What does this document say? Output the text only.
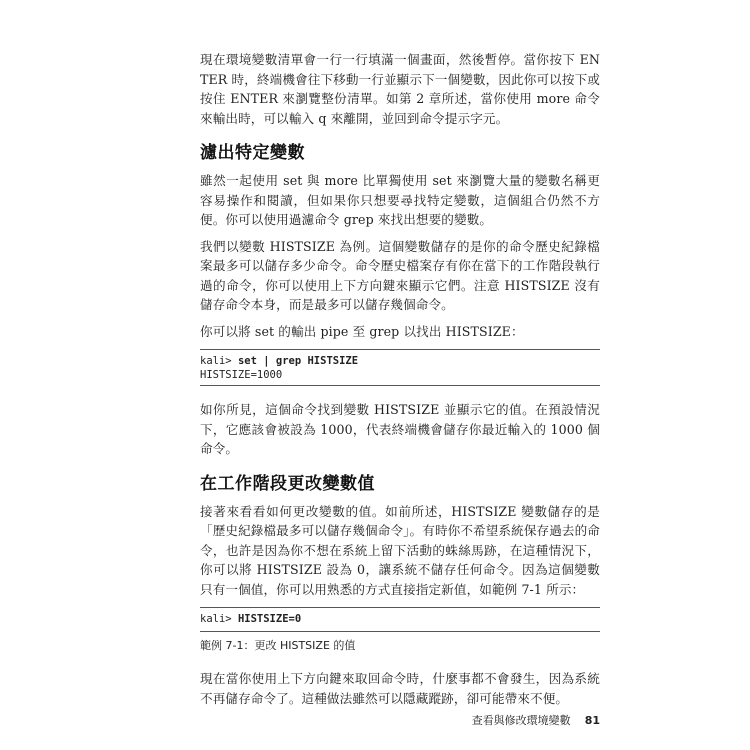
現在環境變數清單會一行一行填滿一個畫面，然後暫停。當你按下 ENTER 時，終端機會往下移動一行並顯示下一個變數，因此你可以按下或按住 ENTER 來瀏覽整份清單。如第 2 章所述，當你使用 more 命令來輸出時，可以輸入 q 來離開，並回到命令提示字元。

濾出特定變數

雖然一起使用 set 與 more 比單獨使用 set 來瀏覽大量的變數名稱更容易操作和閱讀，但如果你只想要尋找特定變數，這個組合仍然不方便。你可以使用過濾命令 grep 來找出想要的變數。

我們以變數 HISTSIZE 為例。這個變數儲存的是你的命令歷史紀錄檔案最多可以儲存多少命令。命令歷史檔案存有你在當下的工作階段執行過的命令，你可以使用上下方向鍵來顯示它們。注意 HISTSIZE 沒有儲存命令本身，而是最多可以儲存幾個命令。

你可以將 set 的輸出 pipe 至 grep 以找出 HISTSIZE：

kali> set | grep HISTSIZE
HISTSIZE=1000

如你所見，這個命令找到變數 HISTSIZE 並顯示它的值。在預設情況下，它應該會被設為 1000，代表終端機會儲存你最近輸入的 1000 個命令。

在工作階段更改變數值

接著來看看如何更改變數的值。如前所述，HISTSIZE 變數儲存的是「歷史紀錄檔最多可以儲存幾個命令」。有時你不希望系統保存過去的命令，也許是因為你不想在系統上留下活動的蛛絲馬跡，在這種情況下，你可以將 HISTSIZE 設為 0，讓系統不儲存任何命令。因為這個變數只有一個值，你可以用熟悉的方式直接指定新值，如範例 7-1 所示：

kali> HISTSIZE=0
範例 7-1：更改 HISTSIZE 的值

現在當你使用上下方向鍵來取回命令時，什麼事都不會發生，因為系統不再儲存命令了。這種做法雖然可以隱藏蹤跡，卻可能帶來不便。

查看與修改環境變數 81
